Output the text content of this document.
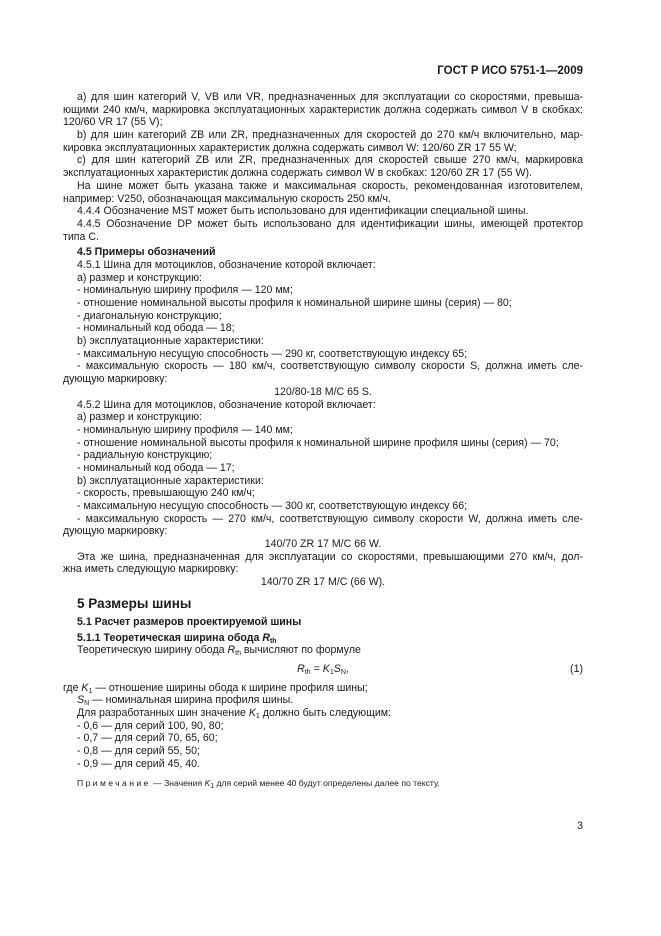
ГОСТ Р ИСО 5751-1—2009
a) для шин категорий V, VB или VR, предназначенных для эксплуатации со скоростями, превыша-
ющими 240 км/ч, маркировка эксплуатационных характеристик должна содержать символ V в скобках:
120/60 VR 17 (55 V);
b) для шин категорий ZB или ZR, предназначенных для скоростей до 270 км/ч включительно, мар-
кировка эксплуатационных характеристик должна содержать символ W: 120/60 ZR 17 55 W;
c) для шин категорий ZB или ZR, предназначенных для скоростей свыше 270 км/ч, маркировка
эксплуатационных характеристик должна содержать символ W в скобках: 120/60 ZR 17 (55 W).
На шине может быть указана также и максимальная скорость, рекомендованная изготовителем,
например: V250, обозначающая максимальную скорость 250 км/ч.
4.4.4 Обозначение MST может быть использовано для идентификации специальной шины.
4.4.5 Обозначение DP может быть использовано для идентификации шины, имеющей протектор
типа C.
4.5 Примеры обозначений
4.5.1 Шина для мотоциклов, обозначение которой включает:
a) размер и конструкцию:
- номинальную ширину профиля — 120 мм;
- отношение номинальной высоты профиля к номинальной ширине шины (серия) — 80;
- диагональную конструкцию;
- номинальный код обода — 18;
b) эксплуатационные характеристики:
- максимальную несущую способность — 290 кг, соответствующую индексу 65;
- максимальную скорость — 180 км/ч, соответствующую символу скорости S, должна иметь сле-
дующую маркировку:
120/80-18 M/C 65 S.
4.5.2 Шина для мотоциклов, обозначение которой включает:
a) размер и конструкцию:
- номинальную ширину профиля — 140 мм;
- отношение номинальной высоты профиля к номинальной ширине профиля шины (серия) — 70;
- радиальную конструкцию;
- номинальный код обода — 17;
b) эксплуатационные характеристики:
- скорость, превышающую 240 км/ч;
- максимальную несущую способность — 300 кг, соответствующую индексу 66;
- максимальную скорость — 270 км/ч, соответствующую символу скорости W, должна иметь сле-
дующую маркировку:
140/70 ZR 17 M/C 66 W.
Эта же шина, предназначенная для эксплуатации со скоростями, превышающими 270 км/ч, дол-
жна иметь следующую маркировку:
140/70 ZR 17 M/C (66 W).
5 Размеры шины
5.1 Расчет размеров проектируемой шины
5.1.1 Теоретическая ширина обода $R_{th}$
Теоретическую ширину обода $R_{th}$ вычисляют по формуле
$R_{th} = K_1S_N$,	(1)
где $K_1$ — отношение ширины обода к ширине профиля шины;
$S_N$ — номинальная ширина профиля шины.
Для разработанных шин значение $K_1$ должно быть следующим:
- 0,6 — для серий 100, 90, 80;
- 0,7 — для серий 70, 65, 60;
- 0,8 — для серий 55, 50;
- 0,9 — для серий 45, 40.
Примечание — Значения $K_1$ для серий менее 40 будут определены далее по тексту.
3
